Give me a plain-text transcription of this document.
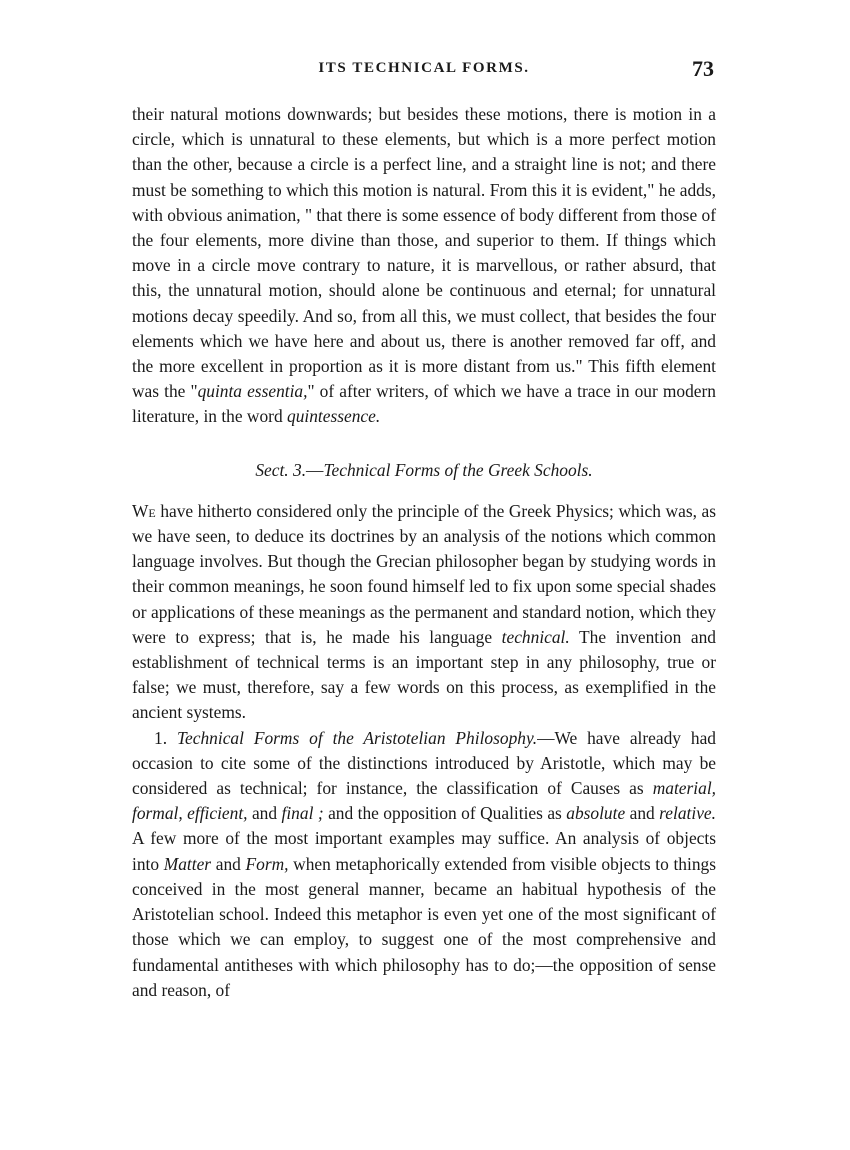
ITS TECHNICAL FORMS.	73

their natural motions downwards; but besides these motions, there is motion in a circle, which is unnatural to these elements, but which is a more perfect motion than the other, because a circle is a perfect line, and a straight line is not; and there must be something to which this motion is natural. From this it is evident," he adds, with obvious animation, " that there is some essence of body different from those of the four elements, more divine than those, and superior to them. If things which move in a circle move contrary to nature, it is marvellous, or rather absurd, that this, the unnatural motion, should alone be continuous and eternal; for unnatural motions decay speedily. And so, from all this, we must collect, that besides the four elements which we have here and about us, there is another removed far off, and the more excellent in proportion as it is more distant from us." This fifth element was the "quinta essentia," of after writers, of which we have a trace in our modern literature, in the word quintessence.

Sect. 3.—Technical Forms of the Greek Schools.

We have hitherto considered only the principle of the Greek Physics; which was, as we have seen, to deduce its doctrines by an analysis of the notions which common language involves. But though the Grecian philosopher began by studying words in their common meanings, he soon found himself led to fix upon some special shades or applications of these meanings as the permanent and standard notion, which they were to express; that is, he made his language technical. The invention and establishment of technical terms is an important step in any philosophy, true or false; we must, therefore, say a few words on this process, as exemplified in the ancient systems.

1. Technical Forms of the Aristotelian Philosophy.—We have already had occasion to cite some of the distinctions introduced by Aristotle, which may be considered as technical; for instance, the classification of Causes as material, formal, efficient, and final ; and the opposition of Qualities as absolute and relative. A few more of the most important examples may suffice. An analysis of objects into Matter and Form, when metaphorically extended from visible objects to things conceived in the most general manner, became an habitual hypothesis of the Aristotelian school. Indeed this metaphor is even yet one of the most significant of those which we can employ, to suggest one of the most comprehensive and fundamental antitheses with which philosophy has to do;—the opposition of sense and reason, of
